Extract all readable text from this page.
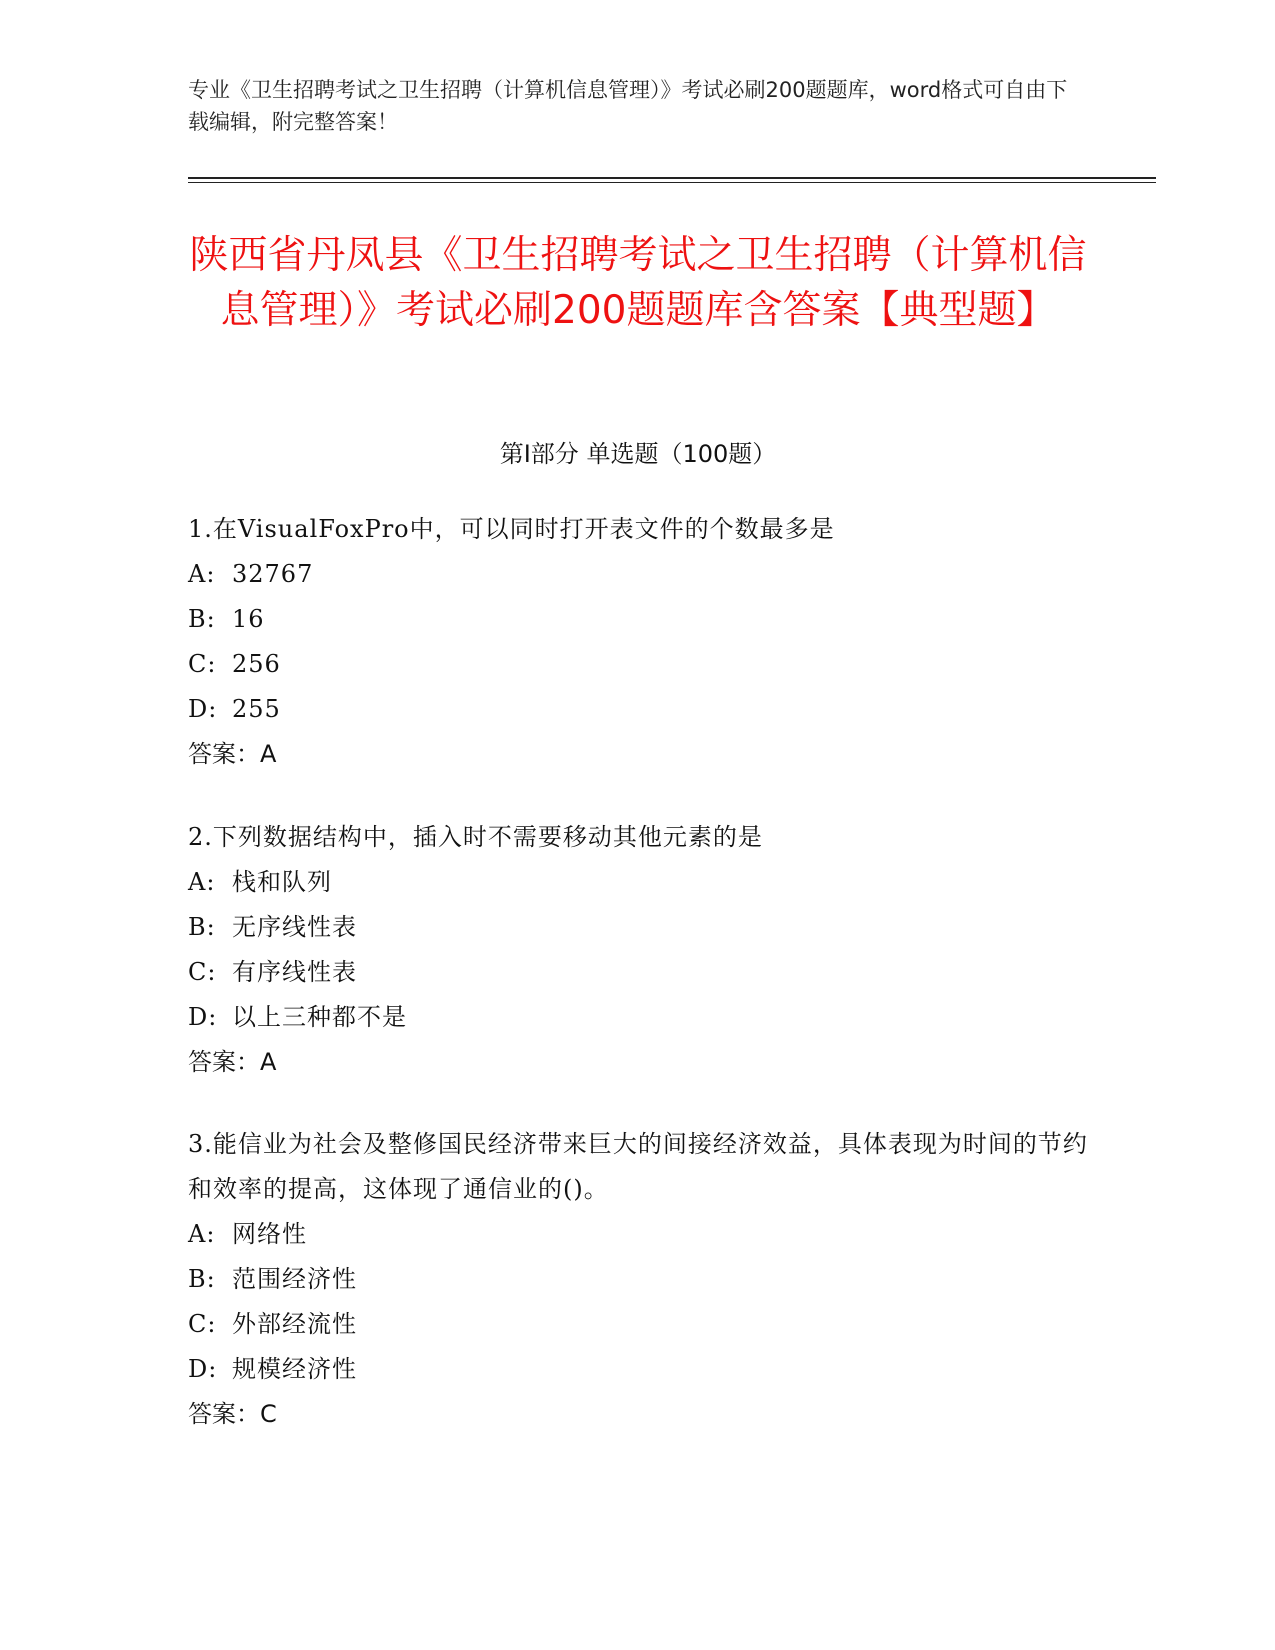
专业《卫生招聘考试之卫生招聘（计算机信息管理）》考试必刷200题题库，word格式可自由下载编辑，附完整答案！
陕西省丹凤县《卫生招聘考试之卫生招聘（计算机信息管理）》考试必刷200题题库含答案【典型题】
第Ⅰ部分 单选题（100题）

1.在VisualFoxPro中，可以同时打开表文件的个数最多是

A: 32767
B: 16
C: 256
D: 255

答案：A

2.下列数据结构中，插入时不需要移动其他元素的是

A: 栈和队列
B: 无序线性表
C: 有序线性表
D: 以上三种都不是

答案：A

3.能信业为社会及整修国民经济带来巨大的间接经济效益，具体表现为时间的节约和效率的提高，这体现了通信业的()。

A: 网络性
B: 范围经济性
C: 外部经流性
D: 规模经济性

答案：C
